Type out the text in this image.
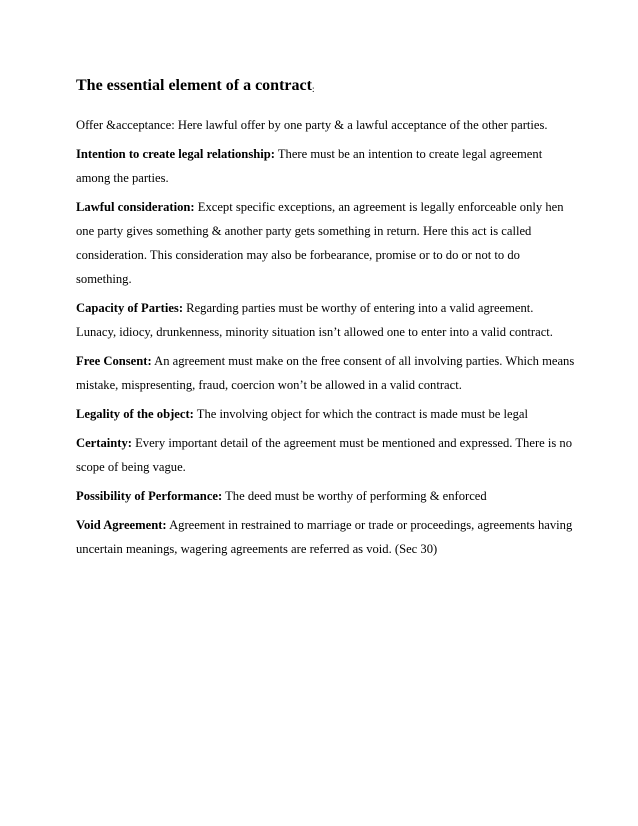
The essential element of a contract:

Offer &acceptance: Here lawful offer by one party & a lawful acceptance of the other parties.

Intention to create legal relationship: There must be an intention to create legal agreement among the parties.

Lawful consideration: Except specific exceptions, an agreement is legally enforceable only hen one party gives something & another party gets something in return. Here this act is called consideration. This consideration may also be forbearance, promise or to do or not to do something.

Capacity of Parties: Regarding parties must be worthy of entering into a valid agreement. Lunacy, idiocy, drunkenness, minority situation isn’t allowed one to enter into a valid contract.

Free Consent: An agreement must make on the free consent of all involving parties. Which means mistake, mispresenting, fraud, coercion won’t be allowed in a valid contract.

Legality of the object: The involving object for which the contract is made must be legal

Certainty: Every important detail of the agreement must be mentioned and expressed. There is no scope of being vague.

Possibility of Performance: The deed must be worthy of performing & enforced

Void Agreement: Agreement in restrained to marriage or trade or proceedings, agreements having uncertain meanings, wagering agreements are referred as void. (Sec 30)
